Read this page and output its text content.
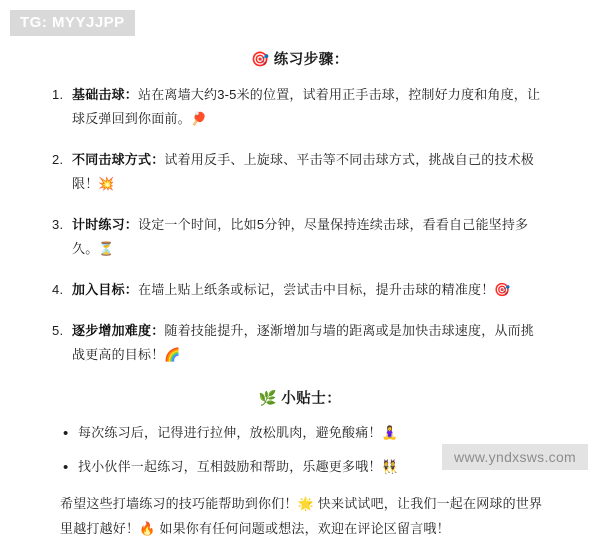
TG: MYYJJPP
🎯 练习步骤：
基础击球：站在离墙大约3-5米的位置，试着用正手击球，控制好力度和角度，让球反弹回到你面前。🏓
不同击球方式：试着用反手、上旋球、平击等不同击球方式，挑战自己的技术极限！💥
计时练习：设定一个时间，比如5分钟，尽量保持连续击球，看看自己能坚持多久。⏳
加入目标：在墙上贴上纸条或标记，尝试击中目标，提升击球的精准度！🎯
逐步增加难度：随着技能提升，逐渐增加与墙的距离或是加快击球速度，从而挑战更高的目标！🌈
🌿 小贴士：
• 每次练习后，记得进行拉伸，放松肌肉，避免酸痛！🧘‍♀️
• 找小伙伴一起练习，互相鼓励和帮助，乐趣更多哦！👯
希望这些打墙练习的技巧能帮助到你们！🌟 快来试试吧，让我们一起在网球的世界里越打越好！🔥 如果你有任何问题或想法，欢迎在评论区留言哦！
www.yndxsws.com
